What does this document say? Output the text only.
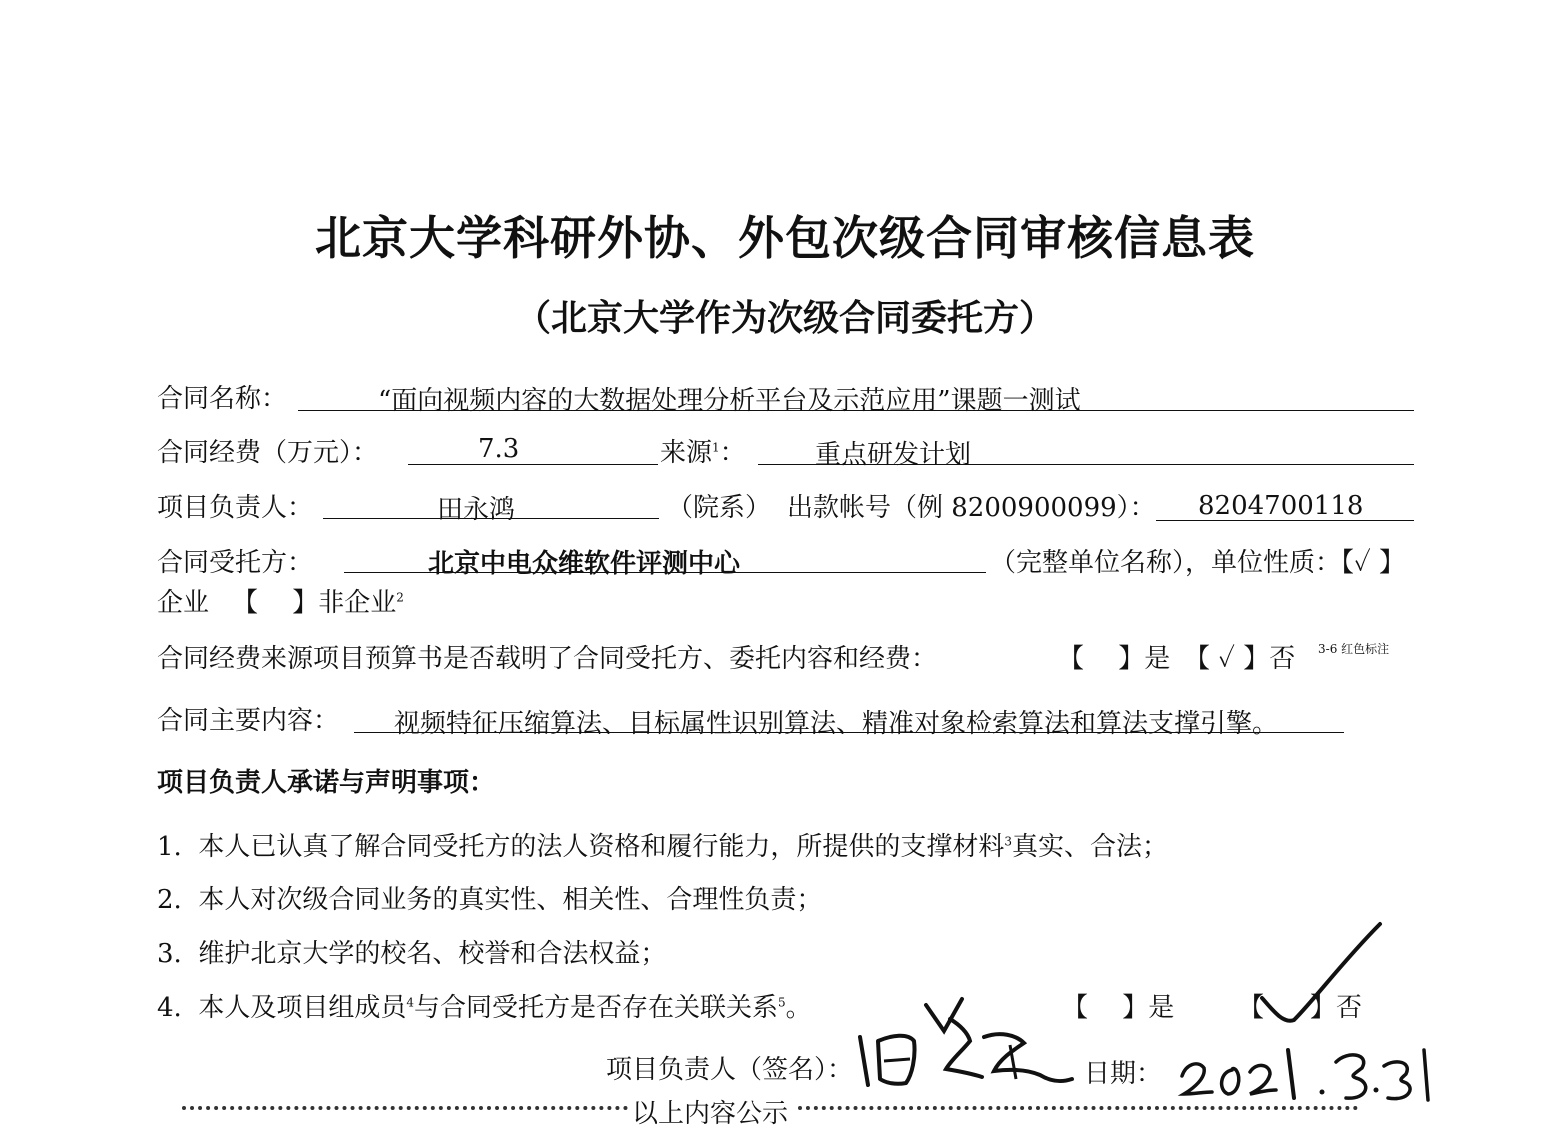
北京大学科研外协、外包次级合同审核信息表
（北京大学作为次级合同委托方）
合同名称：	“面向视频内容的大数据处理分析平台及示范应用”课题一测试
合同经费（万元）：	7.3	来源$^1$：	重点研发计划
项目负责人：	田永鸿	（院系） 出款帐号（例 8200900099）： 8204700118
合同受托方：	北京中电众维软件评测中心	（完整单位名称），单位性质：【✓ 】
企业 【　 】非企业$^2$
合同经费来源项目预算书是否载明了合同受托方、委托内容和经费：	【　 】是 【 ✓ 】否 3-6 红色标注
合同主要内容： 视频特征压缩算法、目标属性识别算法、精准对象检索算法和算法支撑引擎。
项目负责人承诺与声明事项：
1. 本人已认真了解合同受托方的法人资格和履行能力，所提供的支撑材料$^3$真实、合法；
2. 本人对次级合同业务的真实性、相关性、合理性负责；
3. 维护北京大学的校名、校誉和合法权益；
4. 本人及项目组成员$^4$与合同受托方是否存在关联关系$^5$。	【　 】是 【 】否
项目负责人（签名）：	日期：
以上内容公示
